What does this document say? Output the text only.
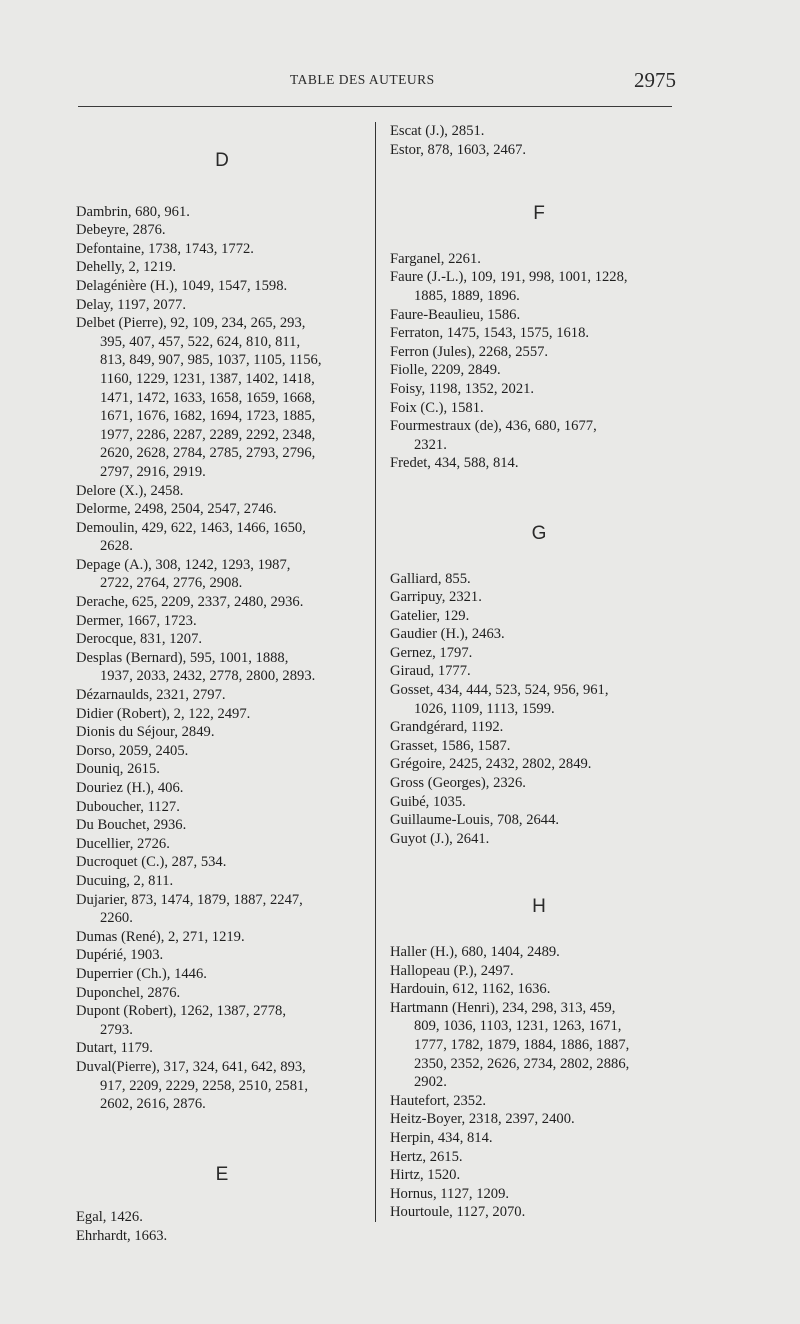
TABLE DES AUTEURS	2975
D
Dambrin, 680, 961.
Debeyre, 2876.
Defontaine, 1738, 1743, 1772.
Dehelly, 2, 1219.
Delagénière (H.), 1049, 1547, 1598.
Delay, 1197, 2077.
Delbet (Pierre), 92, 109, 234, 265, 293,
395, 407, 457, 522, 624, 810, 811,
813, 849, 907, 985, 1037, 1105, 1156,
1160, 1229, 1231, 1387, 1402, 1418,
1471, 1472, 1633, 1658, 1659, 1668,
1671, 1676, 1682, 1694, 1723, 1885,
1977, 2286, 2287, 2289, 2292, 2348,
2620, 2628, 2784, 2785, 2793, 2796,
2797, 2916, 2919.
Delore (X.), 2458.
Delorme, 2498, 2504, 2547, 2746.
Demoulin, 429, 622, 1463, 1466, 1650,
2628.
Depage (A.), 308, 1242, 1293, 1987,
2722, 2764, 2776, 2908.
Derache, 625, 2209, 2337, 2480, 2936.
Dermer, 1667, 1723.
Derocque, 831, 1207.
Desplas (Bernard), 595, 1001, 1888,
1937, 2033, 2432, 2778, 2800, 2893.
Dézarnaulds, 2321, 2797.
Didier (Robert), 2, 122, 2497.
Dionis du Séjour, 2849.
Dorso, 2059, 2405.
Douniq, 2615.
Douriez (H.), 406.
Duboucher, 1127.
Du Bouchet, 2936.
Ducellier, 2726.
Ducroquet (C.), 287, 534.
Ducuing, 2, 811.
Dujarier, 873, 1474, 1879, 1887, 2247,
2260.
Dumas (René), 2, 271, 1219.
Dupérié, 1903.
Duperrier (Ch.), 1446.
Duponchel, 2876.
Dupont (Robert), 1262, 1387, 2778,
2793.
Dutart, 1179.
Duval(Pierre), 317, 324, 641, 642, 893,
917, 2209, 2229, 2258, 2510, 2581,
2602, 2616, 2876.
E
Egal, 1426.
Ehrhardt, 1663.
Escat (J.), 2851.
Estor, 878, 1603, 2467.
F
Farganel, 2261.
Faure (J.-L.), 109, 191, 998, 1001, 1228,
1885, 1889, 1896.
Faure-Beaulieu, 1586.
Ferraton, 1475, 1543, 1575, 1618.
Ferron (Jules), 2268, 2557.
Fiolle, 2209, 2849.
Foisy, 1198, 1352, 2021.
Foix (C.), 1581.
Fourmestraux (de), 436, 680, 1677,
2321.
Fredet, 434, 588, 814.
G
Galliard, 855.
Garripuy, 2321.
Gatelier, 129.
Gaudier (H.), 2463.
Gernez, 1797.
Giraud, 1777.
Gosset, 434, 444, 523, 524, 956, 961,
1026, 1109, 1113, 1599.
Grandgérard, 1192.
Grasset, 1586, 1587.
Grégoire, 2425, 2432, 2802, 2849.
Gross (Georges), 2326.
Guibé, 1035.
Guillaume-Louis, 708, 2644.
Guyot (J.), 2641.
H
Haller (H.), 680, 1404, 2489.
Hallopeau (P.), 2497.
Hardouin, 612, 1162, 1636.
Hartmann (Henri), 234, 298, 313, 459,
809, 1036, 1103, 1231, 1263, 1671,
1777, 1782, 1879, 1884, 1886, 1887,
2350, 2352, 2626, 2734, 2802, 2886,
2902.
Hautefort, 2352.
Heitz-Boyer, 2318, 2397, 2400.
Herpin, 434, 814.
Hertz, 2615.
Hirtz, 1520.
Hornus, 1127, 1209.
Hourtoule, 1127, 2070.
